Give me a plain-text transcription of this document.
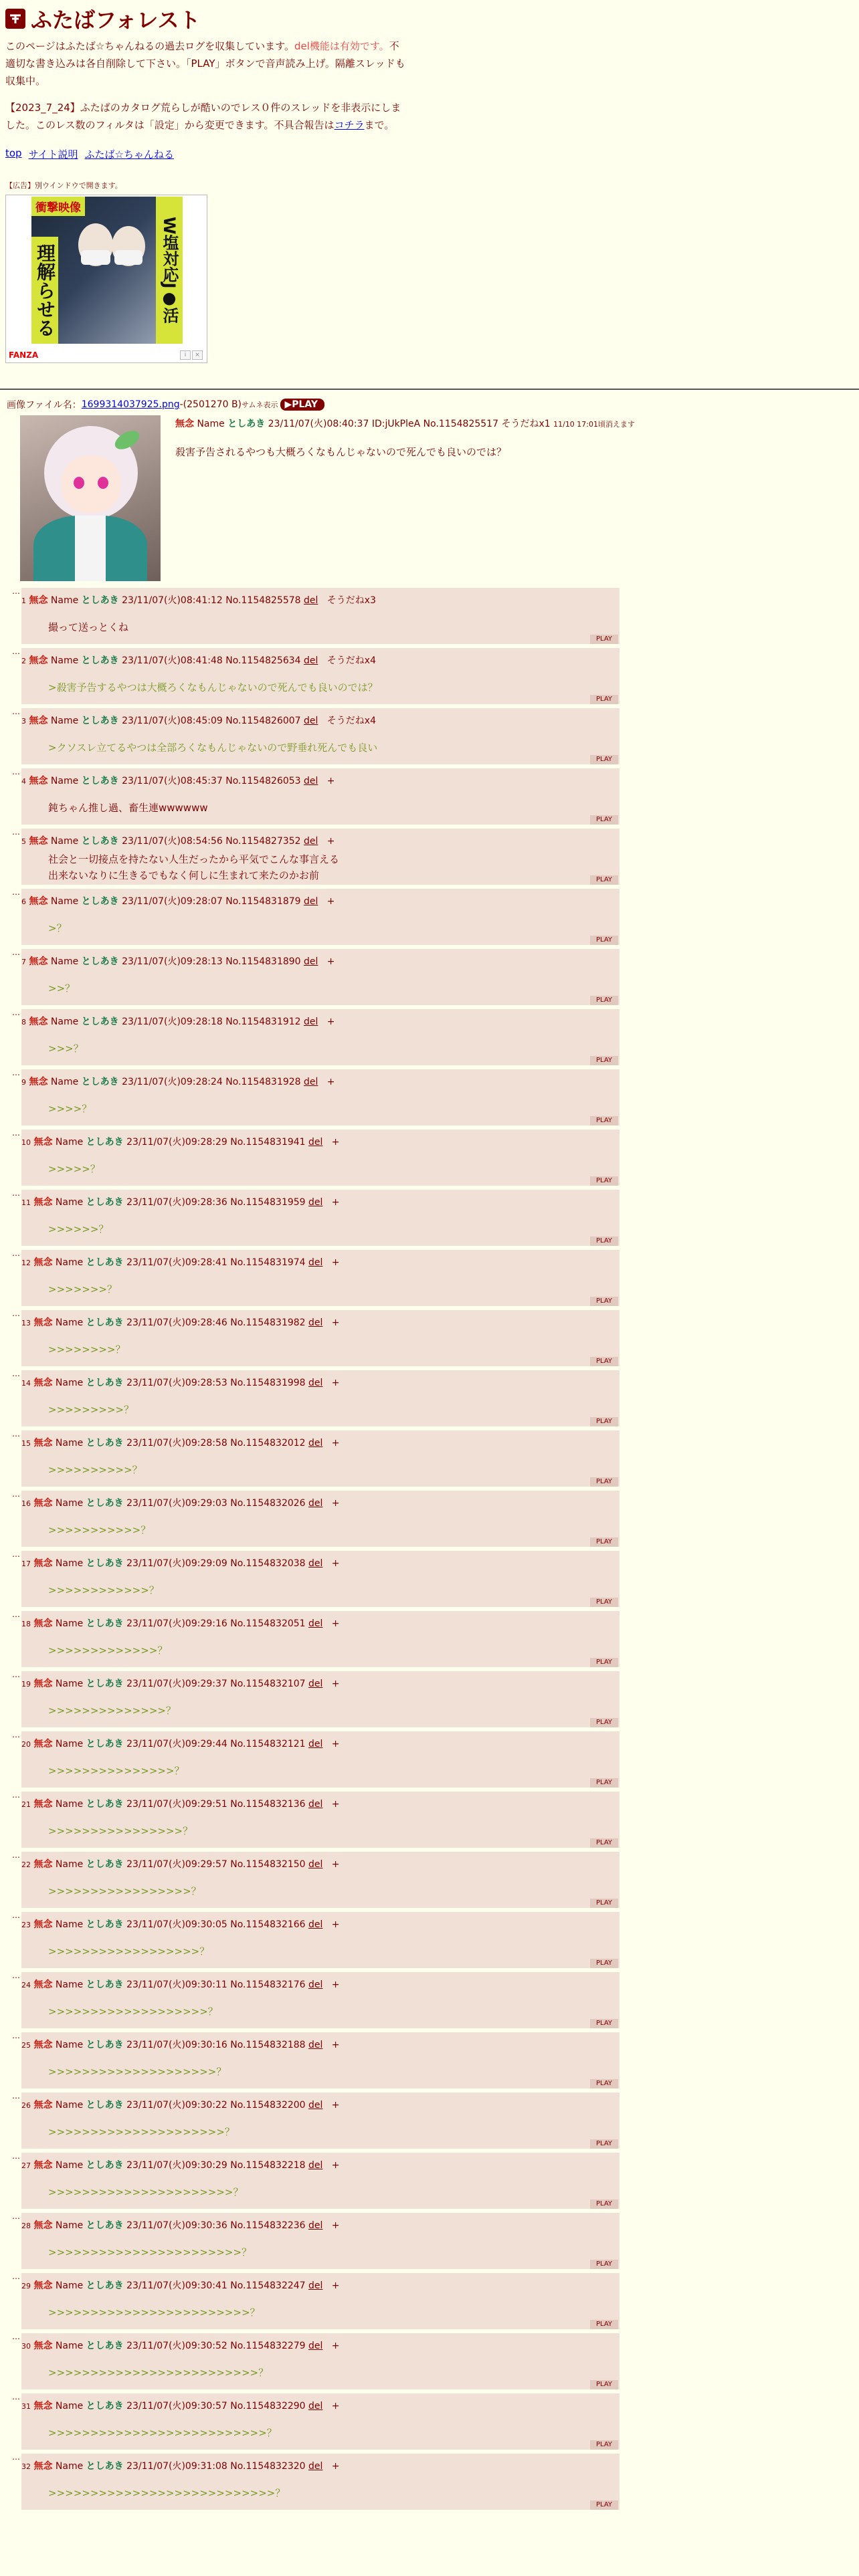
ふたばフォレスト
このページはふたば☆ちゃんねるの過去ログを収集しています。del機能は有効です。不適切な書き込みは各自削除して下さい。「PLAY」ボタンで音声読み上げ。隔離スレッドも収集中。
【2023_7_24】ふたばのカタログ荒らしが酷いのでレス０件のスレッドを非表示にしました。このレス数のフィルタは「設定」から変更できます。不具合報告はコチラまで。
top サイト説明 ふたば☆ちゃんねる
【広告】別ウインドウで開きます。
衝撃映像
W塩対応J●活
理解らせる
FANZA	i	×
画像ファイル名： 1699314037925.png -(2501270 B) サムネ表示 ▶PLAY
無念 Name としあき 23/11/07(火)08:40:37 ID:jUkPleA No.1154825517 そうだねx1 11/10 17:01頃消えます
殺害予告されるやつも大概ろくなもんじゃないので死んでも良いのでは？
…
1 無念 Name としあき 23/11/07(火)08:41:12 No.1154825578 del そうだねx3
撮って送っとくね
PLAY
…
2 無念 Name としあき 23/11/07(火)08:41:48 No.1154825634 del そうだねx4
>殺害予告するやつは大概ろくなもんじゃないので死んでも良いのでは？
PLAY
…
3 無念 Name としあき 23/11/07(火)08:45:09 No.1154826007 del そうだねx4
>クソスレ立てるやつは全部ろくなもんじゃないので野垂れ死んでも良い
PLAY
…
4 無念 Name としあき 23/11/07(火)08:45:37 No.1154826053 del +
鈍ちゃん推し過、畜生連wwwwww
PLAY
…
5 無念 Name としあき 23/11/07(火)08:54:56 No.1154827352 del +
社会と一切接点を持たない人生だったから平気でこんな事言える
出来ないなりに生きるでもなく何しに生まれて来たのかお前	PLAY
…
6 無念 Name としあき 23/11/07(火)09:28:07 No.1154831879 del +
>？
PLAY
…
7 無念 Name としあき 23/11/07(火)09:28:13 No.1154831890 del +
>>？
PLAY
…
8 無念 Name としあき 23/11/07(火)09:28:18 No.1154831912 del +
>>>？
PLAY
…
9 無念 Name としあき 23/11/07(火)09:28:24 No.1154831928 del +
>>>>？
PLAY
…
10 無念 Name としあき 23/11/07(火)09:28:29 No.1154831941 del +
>>>>>？
PLAY
…
11 無念 Name としあき 23/11/07(火)09:28:36 No.1154831959 del +
>>>>>>？
PLAY
…
12 無念 Name としあき 23/11/07(火)09:28:41 No.1154831974 del +
>>>>>>>？
PLAY
…
13 無念 Name としあき 23/11/07(火)09:28:46 No.1154831982 del +
>>>>>>>>？
PLAY
…
14 無念 Name としあき 23/11/07(火)09:28:53 No.1154831998 del +
>>>>>>>>>？
PLAY
…
15 無念 Name としあき 23/11/07(火)09:28:58 No.1154832012 del +
>>>>>>>>>>？
PLAY
…
16 無念 Name としあき 23/11/07(火)09:29:03 No.1154832026 del +
>>>>>>>>>>>？
PLAY
…
17 無念 Name としあき 23/11/07(火)09:29:09 No.1154832038 del +
>>>>>>>>>>>>？
PLAY
…
18 無念 Name としあき 23/11/07(火)09:29:16 No.1154832051 del +
>>>>>>>>>>>>>？
PLAY
…
19 無念 Name としあき 23/11/07(火)09:29:37 No.1154832107 del +
>>>>>>>>>>>>>>？
PLAY
…
20 無念 Name としあき 23/11/07(火)09:29:44 No.1154832121 del +
>>>>>>>>>>>>>>>？
PLAY
…
21 無念 Name としあき 23/11/07(火)09:29:51 No.1154832136 del +
>>>>>>>>>>>>>>>>？
PLAY
…
22 無念 Name としあき 23/11/07(火)09:29:57 No.1154832150 del +
>>>>>>>>>>>>>>>>>？
PLAY
…
23 無念 Name としあき 23/11/07(火)09:30:05 No.1154832166 del +
>>>>>>>>>>>>>>>>>>？
PLAY
…
24 無念 Name としあき 23/11/07(火)09:30:11 No.1154832176 del +
>>>>>>>>>>>>>>>>>>>？
PLAY
…
25 無念 Name としあき 23/11/07(火)09:30:16 No.1154832188 del +
>>>>>>>>>>>>>>>>>>>>？
PLAY
…
26 無念 Name としあき 23/11/07(火)09:30:22 No.1154832200 del +
>>>>>>>>>>>>>>>>>>>>>？
PLAY
…
27 無念 Name としあき 23/11/07(火)09:30:29 No.1154832218 del +
>>>>>>>>>>>>>>>>>>>>>>？
PLAY
…
28 無念 Name としあき 23/11/07(火)09:30:36 No.1154832236 del +
>>>>>>>>>>>>>>>>>>>>>>>？
PLAY
…
29 無念 Name としあき 23/11/07(火)09:30:41 No.1154832247 del +
>>>>>>>>>>>>>>>>>>>>>>>>？
PLAY
…
30 無念 Name としあき 23/11/07(火)09:30:52 No.1154832279 del +
>>>>>>>>>>>>>>>>>>>>>>>>>？
PLAY
…
31 無念 Name としあき 23/11/07(火)09:30:57 No.1154832290 del +
>>>>>>>>>>>>>>>>>>>>>>>>>>？
PLAY
…
32 無念 Name としあき 23/11/07(火)09:31:08 No.1154832320 del +
>>>>>>>>>>>>>>>>>>>>>>>>>>>？
PLAY
